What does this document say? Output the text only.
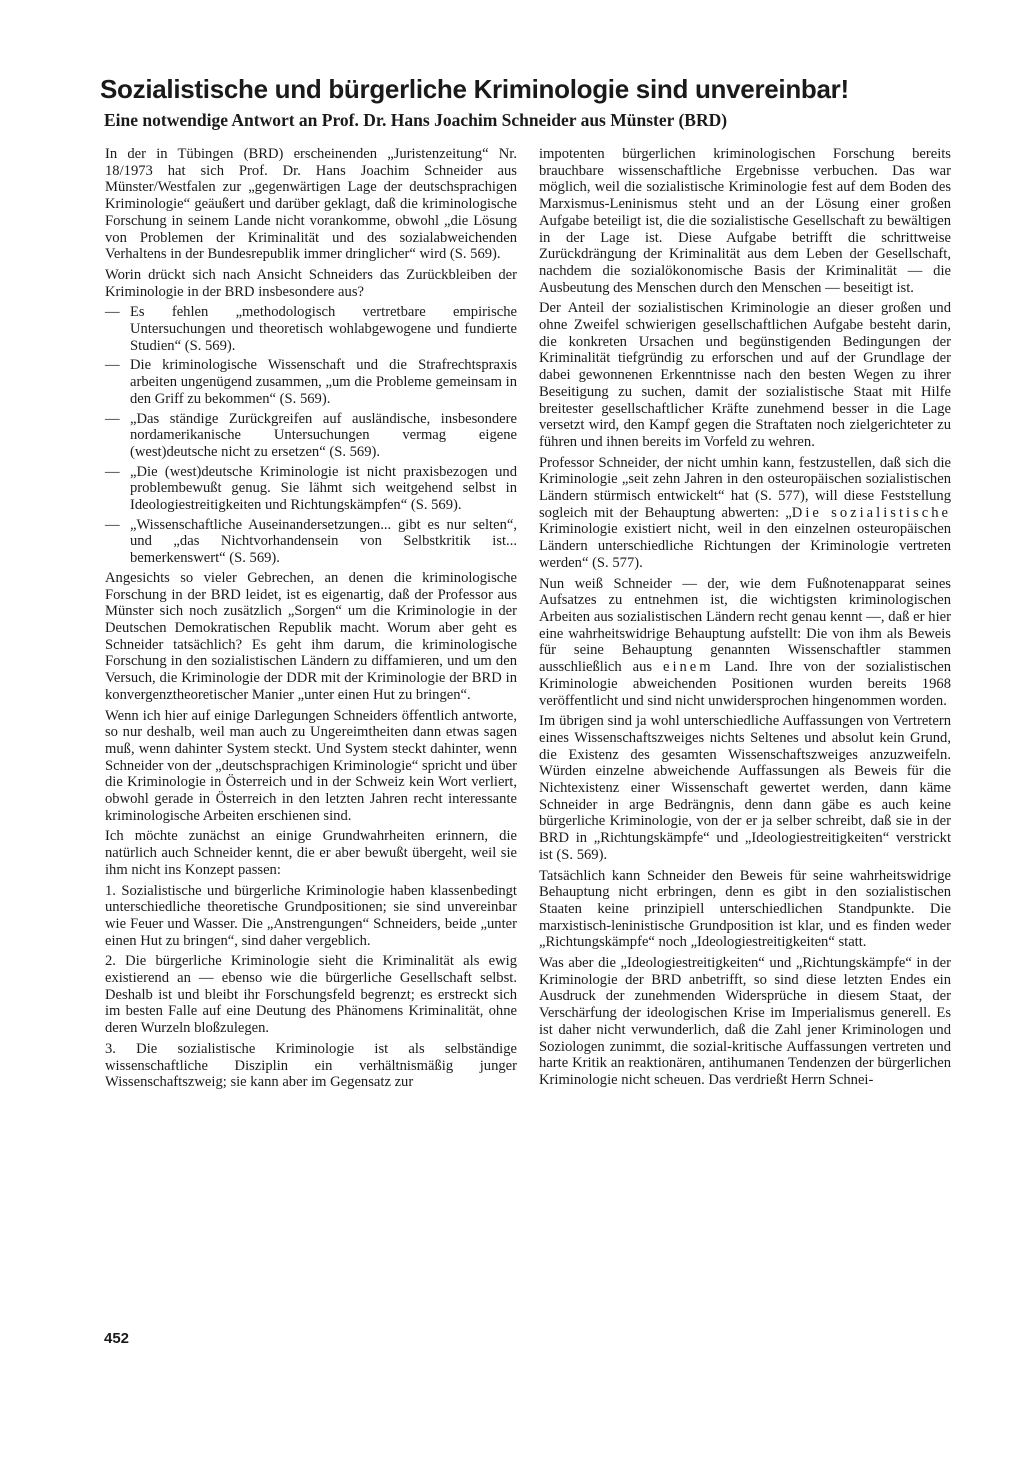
Sozialistische und bürgerliche Kriminologie sind unvereinbar!
Eine notwendige Antwort an Prof. Dr. Hans Joachim Schneider aus Münster (BRD)

In der in Tübingen (BRD) erscheinenden „Juristenzeitung“ Nr. 18/1973 hat sich Prof. Dr. Hans Joachim Schneider aus Münster/Westfalen zur „gegenwärtigen Lage der deutschsprachigen Kriminologie“ geäußert und darüber geklagt, daß die kriminologische Forschung in seinem Lande nicht vorankomme, obwohl „die Lösung von Problemen der Kriminalität und des sozialabweichenden Verhaltens in der Bundesrepublik immer dringlicher“ wird (S. 569).

Worin drückt sich nach Ansicht Schneiders das Zurückbleiben der Kriminologie in der BRD insbesondere aus?

— Es fehlen „methodologisch vertretbare empirische Untersuchungen und theoretisch wohlabgewogene und fundierte Studien“ (S. 569).
— Die kriminologische Wissenschaft und die Strafrechtspraxis arbeiten ungenügend zusammen, „um die Probleme gemeinsam in den Griff zu bekommen“ (S. 569).
— „Das ständige Zurückgreifen auf ausländische, insbesondere nordamerikanische Untersuchungen vermag eigene (west)deutsche nicht zu ersetzen“ (S. 569).
— „Die (west)deutsche Kriminologie ist nicht praxisbezogen und problembewußt genug. Sie lähmt sich weitgehend selbst in Ideologiestreitigkeiten und Richtungskämpfen“ (S. 569).
— „Wissenschaftliche Auseinandersetzungen... gibt es nur selten“, und „das Nichtvorhandensein von Selbstkritik ist... bemerkenswert“ (S. 569).

Angesichts so vieler Gebrechen, an denen die kriminologische Forschung in der BRD leidet, ist es eigenartig, daß der Professor aus Münster sich noch zusätzlich „Sorgen“ um die Kriminologie in der Deutschen Demokratischen Republik macht. Worum aber geht es Schneider tatsächlich? Es geht ihm darum, die kriminologische Forschung in den sozialistischen Ländern zu diffamieren, und um den Versuch, die Kriminologie der DDR mit der Kriminologie der BRD in konvergenztheoretischer Manier „unter einen Hut zu bringen“.

Wenn ich hier auf einige Darlegungen Schneiders öffentlich antworte, so nur deshalb, weil man auch zu Ungereimtheiten dann etwas sagen muß, wenn dahinter System steckt. Und System steckt dahinter, wenn Schneider von der „deutschsprachigen Kriminologie“ spricht und über die Kriminologie in Österreich und in der Schweiz kein Wort verliert, obwohl gerade in Österreich in den letzten Jahren recht interessante kriminologische Arbeiten erschienen sind.

Ich möchte zunächst an einige Grundwahrheiten erinnern, die natürlich auch Schneider kennt, die er aber bewußt übergeht, weil sie ihm nicht ins Konzept passen:

1. Sozialistische und bürgerliche Kriminologie haben klassenbedingt unterschiedliche theoretische Grundpositionen; sie sind unvereinbar wie Feuer und Wasser. Die „Anstrengungen“ Schneiders, beide „unter einen Hut zu bringen“, sind daher vergeblich.

2. Die bürgerliche Kriminologie sieht die Kriminalität als ewig existierend an — ebenso wie die bürgerliche Gesellschaft selbst. Deshalb ist und bleibt ihr Forschungsfeld begrenzt; es erstreckt sich im besten Falle auf eine Deutung des Phänomens Kriminalität, ohne deren Wurzeln bloßzulegen.

3. Die sozialistische Kriminologie ist als selbständige wissenschaftliche Disziplin ein verhältnismäßig junger Wissenschaftszweig; sie kann aber im Gegensatz zur

impotenten bürgerlichen kriminologischen Forschung bereits brauchbare wissenschaftliche Ergebnisse verbuchen. Das war möglich, weil die sozialistische Kriminologie fest auf dem Boden des Marxismus-Leninismus steht und an der Lösung einer großen Aufgabe beteiligt ist, die die sozialistische Gesellschaft zu bewältigen in der Lage ist. Diese Aufgabe betrifft die schrittweise Zurückdrängung der Kriminalität aus dem Leben der Gesellschaft, nachdem die sozialökonomische Basis der Kriminalität — die Ausbeutung des Menschen durch den Menschen — beseitigt ist.

Der Anteil der sozialistischen Kriminologie an dieser großen und ohne Zweifel schwierigen gesellschaftlichen Aufgabe besteht darin, die konkreten Ursachen und begünstigenden Bedingungen der Kriminalität tiefgründig zu erforschen und auf der Grundlage der dabei gewonnenen Erkenntnisse nach den besten Wegen zu ihrer Beseitigung zu suchen, damit der sozialistische Staat mit Hilfe breitester gesellschaftlicher Kräfte zunehmend besser in die Lage versetzt wird, den Kampf gegen die Straftaten noch zielgerichteter zu führen und ihnen bereits im Vorfeld zu wehren.

Professor Schneider, der nicht umhin kann, festzustellen, daß sich die Kriminologie „seit zehn Jahren in den osteuropäischen sozialistischen Ländern stürmisch entwickelt“ hat (S. 577), will diese Feststellung sogleich mit der Behauptung abwerten: „Die sozialistische Kriminologie existiert nicht, weil in den einzelnen osteuropäischen Ländern unterschiedliche Richtungen der Kriminologie vertreten werden“ (S. 577).

Nun weiß Schneider — der, wie dem Fußnotenapparat seines Aufsatzes zu entnehmen ist, die wichtigsten kriminologischen Arbeiten aus sozialistischen Ländern recht genau kennt —, daß er hier eine wahrheitswidrige Behauptung aufstellt: Die von ihm als Beweis für seine Behauptung genannten Wissenschaftler stammen ausschließlich aus einem Land. Ihre von der sozialistischen Kriminologie abweichenden Positionen wurden bereits 1968 veröffentlicht und sind nicht unwidersprochen hingenommen worden.

Im übrigen sind ja wohl unterschiedliche Auffassungen von Vertretern eines Wissenschaftszweiges nichts Seltenes und absolut kein Grund, die Existenz des gesamten Wissenschaftszweiges anzuzweifeln. Würden einzelne abweichende Auffassungen als Beweis für die Nichtexistenz einer Wissenschaft gewertet werden, dann käme Schneider in arge Bedrängnis, denn dann gäbe es auch keine bürgerliche Kriminologie, von der er ja selber schreibt, daß sie in der BRD in „Richtungskämpfe“ und „Ideologiestreitigkeiten“ verstrickt ist (S. 569).

Tatsächlich kann Schneider den Beweis für seine wahrheitswidrige Behauptung nicht erbringen, denn es gibt in den sozialistischen Staaten keine prinzipiell unterschiedlichen Standpunkte. Die marxistisch-leninistische Grundposition ist klar, und es finden weder „Richtungskämpfe“ noch „Ideologiestreitigkeiten“ statt.

Was aber die „Ideologiestreitigkeiten“ und „Richtungskämpfe“ in der Kriminologie der BRD anbetrifft, so sind diese letzten Endes ein Ausdruck der zunehmenden Widersprüche in diesem Staat, der Verschärfung der ideologischen Krise im Imperialismus generell. Es ist daher nicht verwunderlich, daß die Zahl jener Kriminologen und Soziologen zunimmt, die sozial-kritische Auffassungen vertreten und harte Kritik an reaktionären, antihumanen Tendenzen der bürgerlichen Kriminologie nicht scheuen. Das verdrießt Herrn Schnei-

452
